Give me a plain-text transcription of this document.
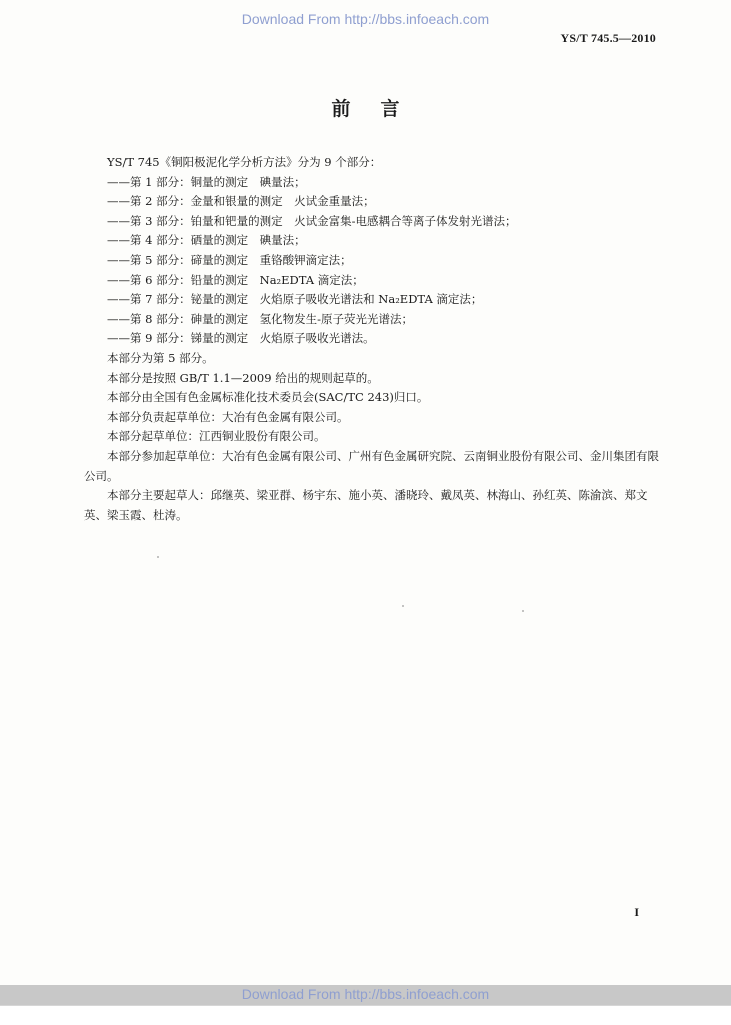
Download From http://bbs.infoeach.com
YS/T 745.5—2010
前言

YS/T 745《铜阳极泥化学分析方法》分为 9 个部分：

——第 1 部分：铜量的测定　碘量法；

——第 2 部分：金量和银量的测定　火试金重量法；

——第 3 部分：铂量和钯量的测定　火试金富集-电感耦合等离子体发射光谱法；

——第 4 部分：硒量的测定　碘量法；

——第 5 部分：碲量的测定　重铬酸钾滴定法；

——第 6 部分：铅量的测定　Na₂EDTA 滴定法；

——第 7 部分：铋量的测定　火焰原子吸收光谱法和 Na₂EDTA 滴定法；

——第 8 部分：砷量的测定　氢化物发生-原子荧光光谱法；

——第 9 部分：锑量的测定　火焰原子吸收光谱法。

本部分为第 5 部分。

本部分是按照 GB/T 1.1—2009 给出的规则起草的。

本部分由全国有色金属标准化技术委员会(SAC/TC 243)归口。

本部分负责起草单位：大冶有色金属有限公司。

本部分起草单位：江西铜业股份有限公司。

本部分参加起草单位：大冶有色金属有限公司、广州有色金属研究院、云南铜业股份有限公司、金川集团有限公司。

本部分主要起草人：邱继英、梁亚群、杨宇东、施小英、潘晓玲、戴凤英、林海山、孙红英、陈渝滨、郑文英、梁玉霞、杜涛。

I
Download From http://bbs.infoeach.com
